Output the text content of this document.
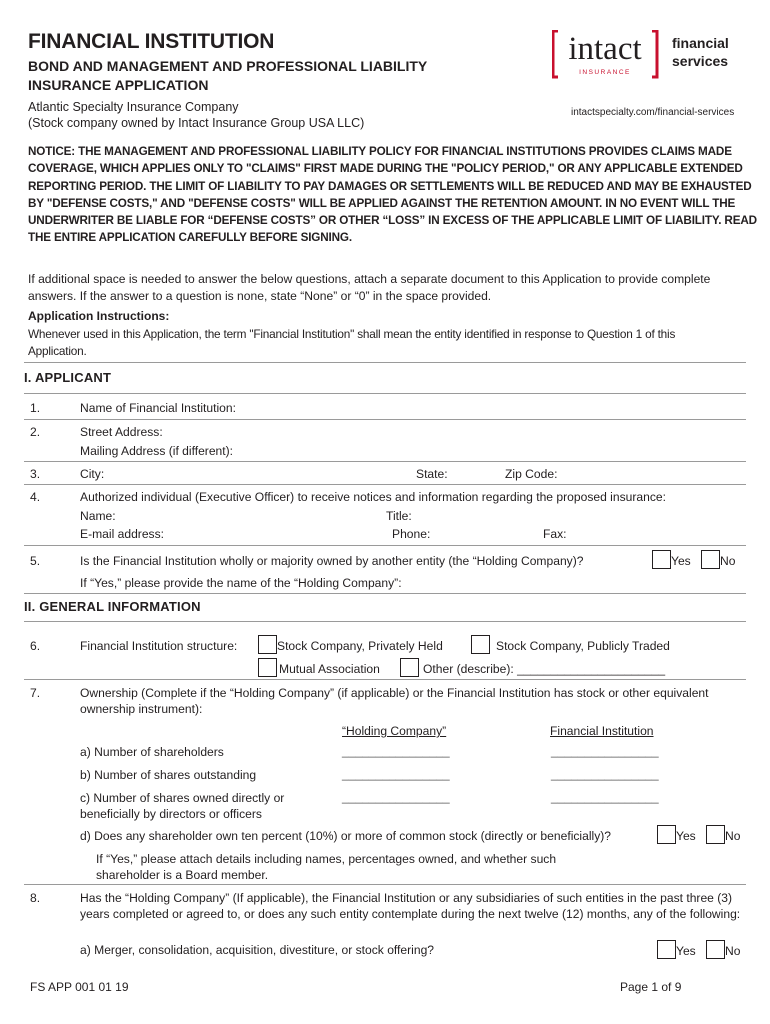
FINANCIAL INSTITUTION
BOND AND MANAGEMENT AND PROFESSIONAL LIABILITY INSURANCE APPLICATION
Atlantic Specialty Insurance Company
(Stock company owned by Intact Insurance Group USA LLC)
intact
INSURANCE
financial
services
intactspecialty.com/financial-services
NOTICE: THE MANAGEMENT AND PROFESSIONAL LIABILITY POLICY FOR FINANCIAL INSTITUTIONS PROVIDES CLAIMS MADE COVERAGE, WHICH APPLIES ONLY TO "CLAIMS" FIRST MADE DURING THE "POLICY PERIOD," OR ANY APPLICABLE EXTENDED REPORTING PERIOD. THE LIMIT OF LIABILITY TO PAY DAMAGES OR SETTLEMENTS WILL BE REDUCED AND MAY BE EXHAUSTED BY "DEFENSE COSTS," AND "DEFENSE COSTS" WILL BE APPLIED AGAINST THE RETENTION AMOUNT. IN NO EVENT WILL THE UNDERWRITER BE LIABLE FOR “DEFENSE COSTS” OR OTHER “LOSS” IN EXCESS OF THE APPLICABLE LIMIT OF LIABILITY. READ THE ENTIRE APPLICATION CAREFULLY BEFORE SIGNING.
If additional space is needed to answer the below questions, attach a separate document to this Application to provide complete answers. If the answer to a question is none, state “None” or “0” in the space provided.
Application Instructions:
Whenever used in this Application, the term "Financial Institution" shall mean the entity identified in response to Question 1 of this Application.
I. APPLICANT
1.	Name of Financial Institution:
2.	Street Address:
Mailing Address (if different):
3.	City:	State:	Zip Code:
4.	Authorized individual (Executive Officer) to receive notices and information regarding the proposed insurance:
Name:	Title:
E-mail address:	Phone:	Fax:
5.	Is the Financial Institution wholly or majority owned by another entity (the “Holding Company)?	Yes No
If “Yes,” please provide the name of the “Holding Company”:
II. GENERAL INFORMATION
6.	Financial Institution structure:	Stock Company, Privately Held	Stock Company, Publicly Traded
Mutual Association	Other (describe): ______________________
7.	Ownership (Complete if the “Holding Company” (if applicable) or the Financial Institution has stock or other equivalent ownership instrument):
“Holding Company”	Financial Institution
a) Number of shareholders	________________	________________
b) Number of shares outstanding	________________	________________
c) Number of shares owned directly or beneficially by directors or officers
________________	________________
d) Does any shareholder own ten percent (10%) or more of common stock (directly or beneficially)?	Yes No
If “Yes,” please attach details including names, percentages owned, and whether such shareholder is a Board member.
8.	Has the “Holding Company” (If applicable), the Financial Institution or any subsidiaries of such entities in the past three (3) years completed or agreed to, or does any such entity contemplate during the next twelve (12) months, any of the following:
a) Merger, consolidation, acquisition, divestiture, or stock offering?	Yes No
FS APP 001 01 19	Page 1 of 9
